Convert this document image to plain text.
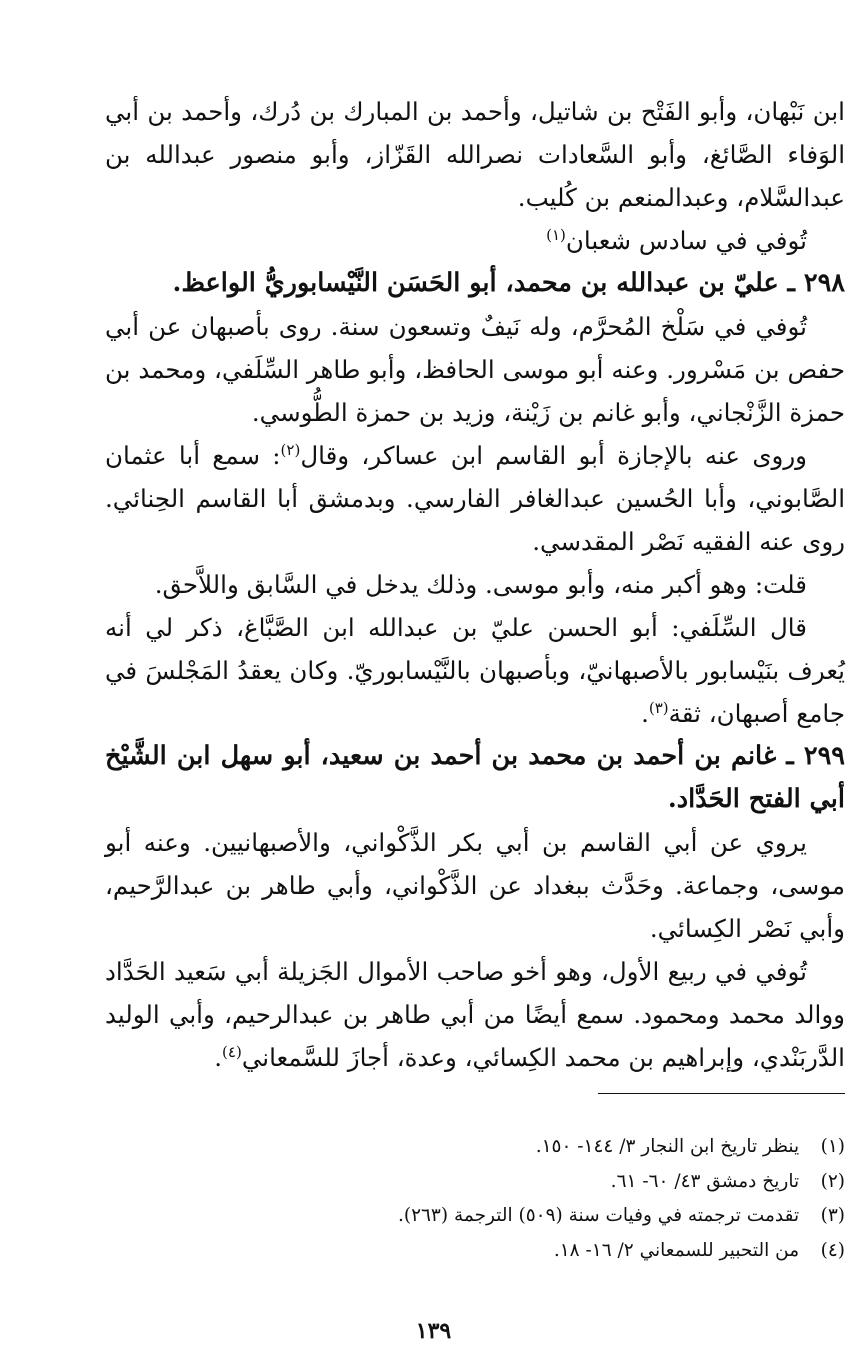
ابن نَبْهان، وأبو الفَتْح بن شاتيل، وأحمد بن المبارك بن دُرك، وأحمد بن أبي الوَفاء الصَّائغ، وأبو السَّعادات نصرالله القَزّاز، وأبو منصور عبدالله بن عبدالسَّلام، وعبدالمنعم بن كُليب.

تُوفي في سادس شعبان$^{(١)}$

٢٩٨ ـ عليّ بن عبدالله بن محمد، أبو الحَسَن النَّيْسابوريُّ الواعظ.

تُوفي في سَلْخ المُحرَّم، وله نَيفٌ وتسعون سنة. روى بأصبهان عن أبي حفص بن مَسْرور. وعنه أبو موسى الحافظ، وأبو طاهر السِّلَفي، ومحمد بن حمزة الزَّنْجاني، وأبو غانم بن زَيْنة، وزيد بن حمزة الطُّوسي.

وروى عنه بالإجازة أبو القاسم ابن عساكر، وقال$^{(٢)}$: سمع أبا عثمان الصَّابوني، وأبا الحُسين عبدالغافر الفارسي. وبدمشق أبا القاسم الحِنائي. روى عنه الفقيه نَصْر المقدسي.

قلت: وهو أكبر منه، وأبو موسى. وذلك يدخل في السَّابق واللاَّحق.

قال السِّلَفي: أبو الحسن عليّ بن عبدالله ابن الصَّبَّاغ، ذكر لي أنه يُعرف بنَيْسابور بالأصبهانيّ، وبأصبهان بالنَّيْسابوريّ. وكان يعقدُ المَجْلسَ في جامع أصبهان، ثقة$^{(٣)}$.

٢٩٩ ـ غانم بن أحمد بن محمد بن أحمد بن سعيد، أبو سهل ابن الشَّيْخ أبي الفتح الحَدَّاد.

يروي عن أبي القاسم بن أبي بكر الذَّكْواني، والأصبهانيين. وعنه أبو موسى، وجماعة. وحَدَّث ببغداد عن الذَّكْواني، وأبي طاهر بن عبدالرَّحيم، وأبي نَصْر الكِسائي.

تُوفي في ربيع الأول، وهو أخو صاحب الأموال الجَزيلة أبي سَعيد الحَدَّاد ووالد محمد ومحمود. سمع أيضًا من أبي طاهر بن عبدالرحيم، وأبي الوليد الدَّربَنْدي، وإبراهيم بن محمد الكِسائي، وعدة، أجازَ للسَّمعاني$^{(٤)}$.

(١) ينظر تاريخ ابن النجار ٣/ ١٤٤- ١٥٠.
(٢) تاريخ دمشق ٤٣/ ٦٠- ٦١.
(٣) تقدمت ترجمته في وفيات سنة (٥٠٩) الترجمة (٢٦٣).
(٤) من التحبير للسمعاني ٢/ ١٦- ١٨.
١٣٩
